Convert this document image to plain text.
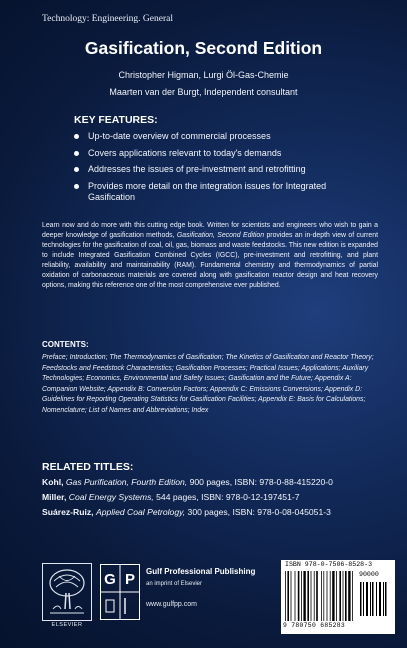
Technology: Engineering. General
Gasification, Second Edition
Christopher Higman, Lurgi Öl-Gas-Chemie
Maarten van der Burgt, Independent consultant
KEY FEATURES:
Up-to-date overview of commercial processes
Covers applications relevant to today's demands
Addresses the issues of pre-investment and retrofitting
Provides more detail on the integration issues for Integrated Gasification

Learn now and do more with this cutting edge book. Written for scientists and engineers who wish to gain a deeper knowledge of gasification methods, Gasification, Second Edition provides an in-depth view of current technologies for the gasification of coal, oil, gas, biomass and waste feedstocks. This new edition is expanded to include Integrated Gasification Combined Cycles (IGCC), pre-investment and retrofitting, and plant reliability, availability and maintainability (RAM). Fundamental chemistry and thermodynamics of partial oxidation of carbonaceous materials are covered along with gasification reactor design and heat recovery options, making this reference one of the most comprehensive ever published.

CONTENTS:

Preface; Introduction; The Thermodynamics of Gasification; The Kinetics of Gasification and Reactor Theory; Feedstocks and Feedstock Characteristics; Gasification Processes; Practical Issues; Applications; Auxiliary Technologies; Economics, Environmental and Safety Issues; Gasification and the Future; Appendix A: Companion Website; Appendix B: Conversion Factors; Appendix C: Emissions Conversions; Appendix D: Guidelines for Reporting Operating Statistics for Gasification Facilities; Appendix E: Basis for Calculations; Nomenclature; List of Names and Abbreviations; Index

RELATED TITLES:
Kohl, Gas Purification, Fourth Edition, 900 pages, ISBN: 978-0-88-415220-0
Miller, Coal Energy Systems, 544 pages, ISBN: 978-0-12-197451-7
Suárez-Ruiz, Applied Coal Petrology, 300 pages, ISBN: 978-0-08-045051-3
ELSEVIER
G P Gulf Professional Publishing
an imprint of Elsevier
www.gulfpp.com
ISBN 978-0-7506-8528-3
90000
9 780750 685283
